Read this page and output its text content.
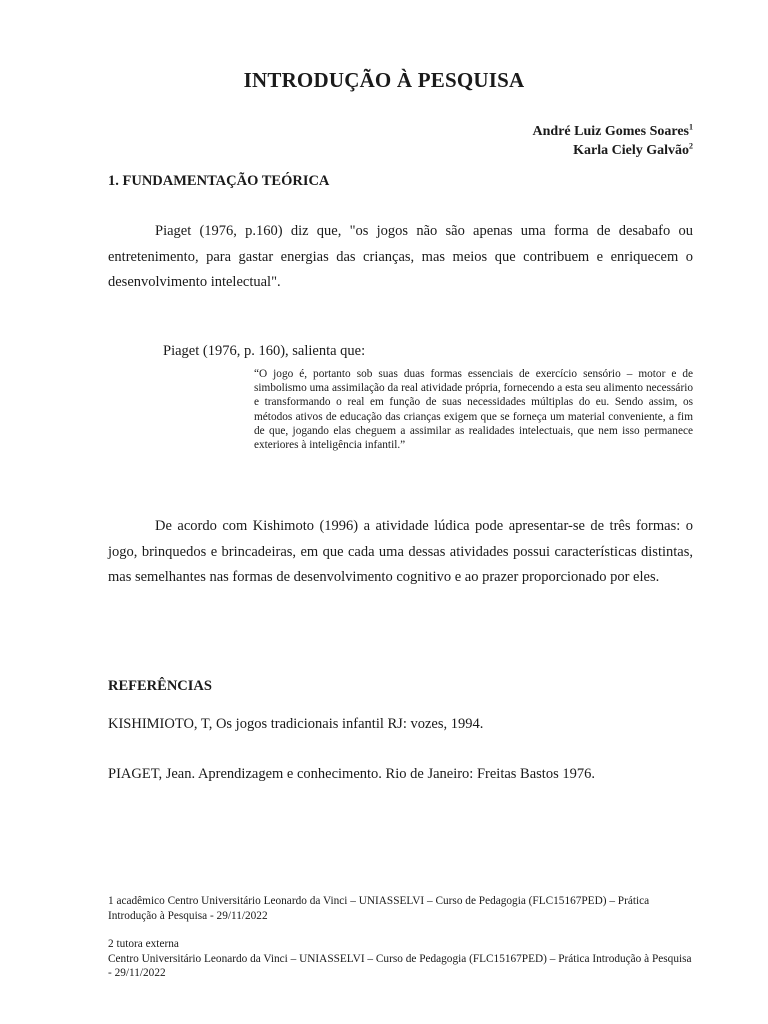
INTRODUÇÃO À PESQUISA
André Luiz Gomes Soares$^1$
Karla Ciely Galvão$^2$
1. FUNDAMENTAÇÃO TEÓRICA

Piaget (1976, p.160) diz que, "os jogos não são apenas uma forma de desabafo ou entretenimento, para gastar energias das crianças, mas meios que contribuem e enriquecem o desenvolvimento intelectual".

Piaget (1976, p. 160), salienta que:

“O jogo é, portanto sob suas duas formas essenciais de exercício sensório – motor e de simbolismo uma assimilação da real atividade própria, fornecendo a esta seu alimento necessário e transformando o real em função de suas necessidades múltiplas do eu. Sendo assim, os métodos ativos de educação das crianças exigem que se forneça um material conveniente, a fim de que, jogando elas cheguem a assimilar as realidades intelectuais, que nem isso permanece exteriores à inteligência infantil.”

De acordo com Kishimoto (1996) a atividade lúdica pode apresentar-se de três formas: o jogo, brinquedos e brincadeiras, em que cada uma dessas atividades possui características distintas, mas semelhantes nas formas de desenvolvimento cognitivo e ao prazer proporcionado por eles.

REFERÊNCIAS
KISHIMIOTO, T, Os jogos tradicionais infantil RJ: vozes, 1994.
PIAGET, Jean. Aprendizagem e conhecimento. Rio de Janeiro: Freitas Bastos 1976.

1 acadêmico Centro Universitário Leonardo da Vinci – UNIASSELVI – Curso de Pedagogia (FLC15167PED) – Prática Introdução à Pesquisa - 29/11/2022

2 tutora externa
Centro Universitário Leonardo da Vinci – UNIASSELVI – Curso de Pedagogia (FLC15167PED) – Prática Introdução à Pesquisa - 29/11/2022
